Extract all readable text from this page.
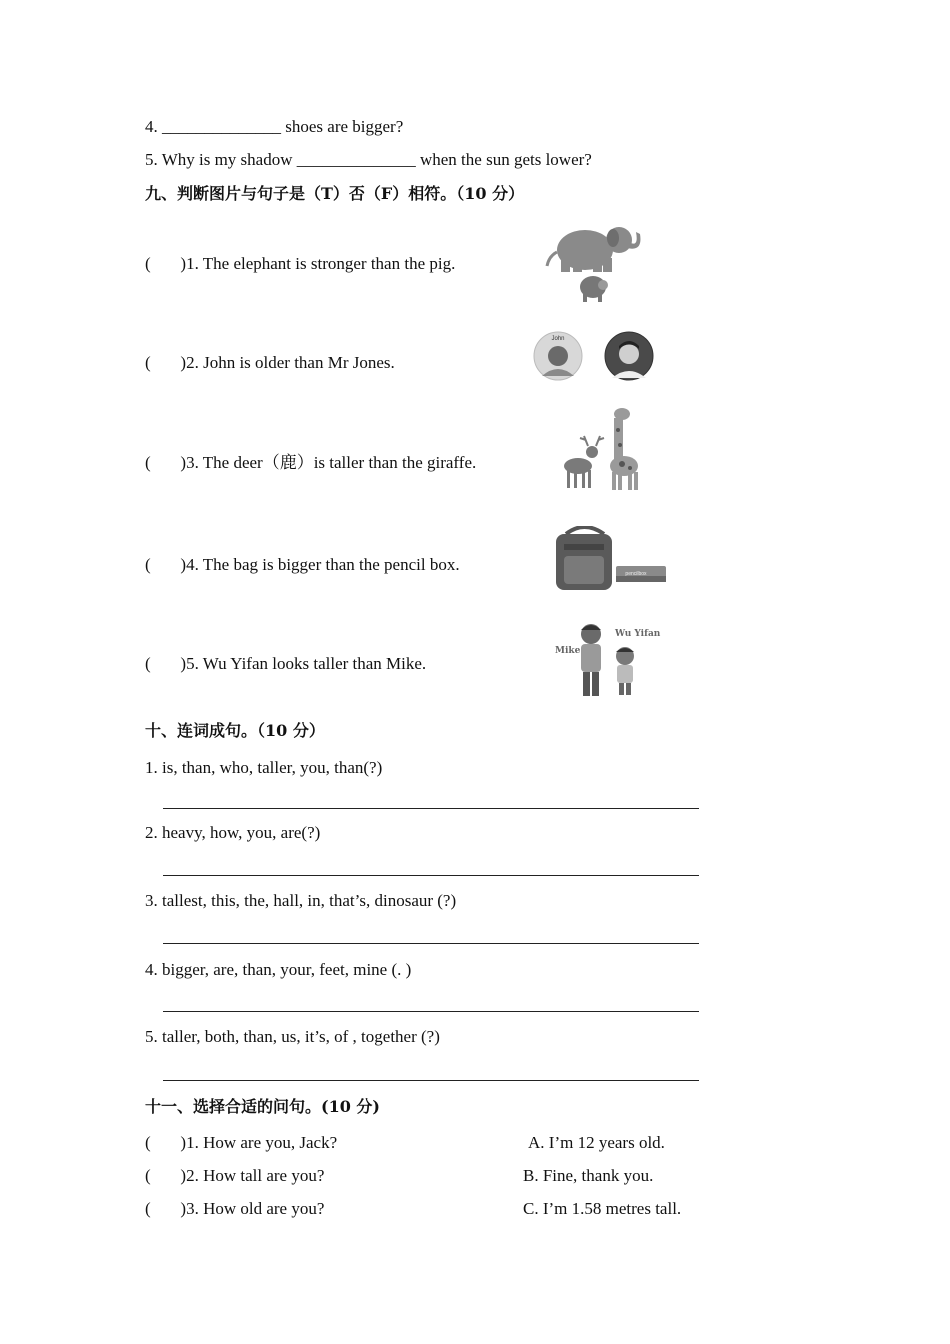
4. ______________ shoes are bigger?
5. Why is my shadow ______________ when the sun gets lower?
九、判断图片与句子是（T）否（F）相符。（10 分）
(       )1. The elephant is stronger than the pig.
(       )2. John is older than Mr Jones.
(       )3. The deer（鹿）is taller than the giraffe.
(       )4. The bag is bigger than the pencil box.
(       )5. Wu Yifan looks taller than Mike.
John
pencilbox
Mike
Wu Yifan
十、连词成句。（10 分）
1. is, than, who, taller, you, than(?)
2. heavy, how, you, are(?)
3. tallest, this, the, hall, in, that’s, dinosaur (?)
4. bigger, are, than, your, feet, mine (. )
5. taller, both, than, us, it’s, of , together (?)
十一、选择合适的问句。(10 分)
(       )1. How are you, Jack?
(       )2. How tall are you?
(       )3. How old are you?
A. I’m 12 years old.
B. Fine, thank you.
C. I’m 1.58 metres tall.
